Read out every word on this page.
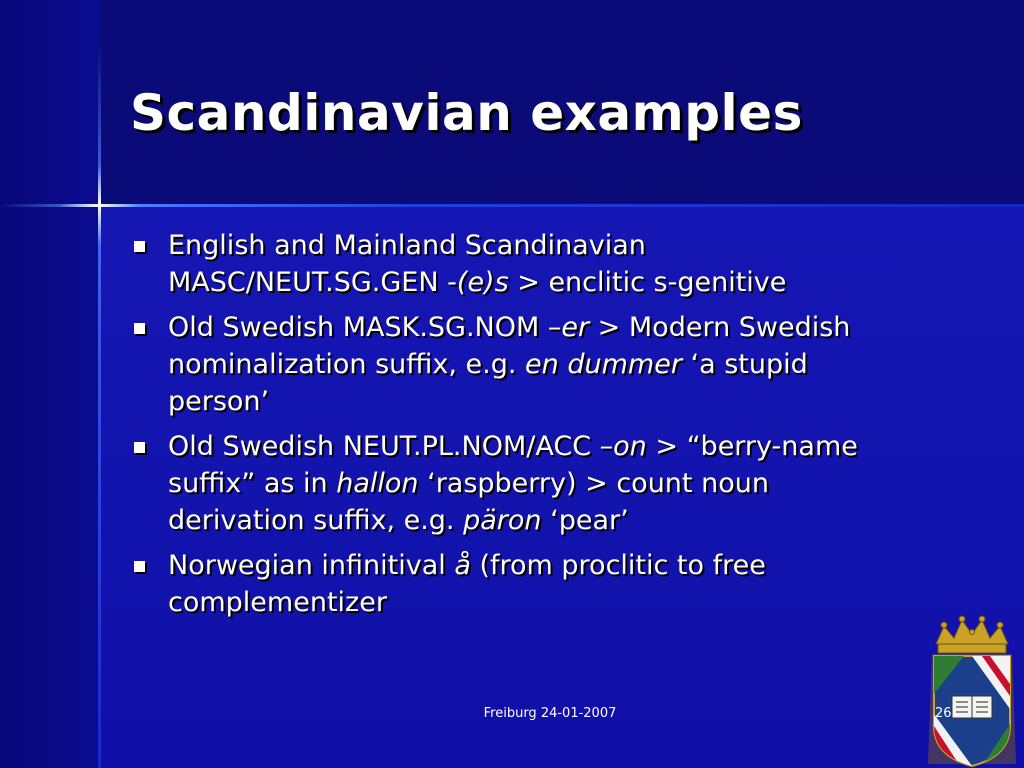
Scandinavian examples
English and Mainland Scandinavian
MASC/NEUT.SG.GEN -(e)s > enclitic s-genitive
Old Swedish MASK.SG.NOM –er > Modern Swedish
nominalization suffix, e.g. en dummer ‘a stupid
person’
Old Swedish NEUT.PL.NOM/ACC –on > “berry-name
suffix” as in hallon ‘raspberry) > count noun
derivation suffix, e.g. päron ‘pear’
Norwegian infinitival å (from proclitic to free
complementizer
Freiburg 24-01-2007	26
